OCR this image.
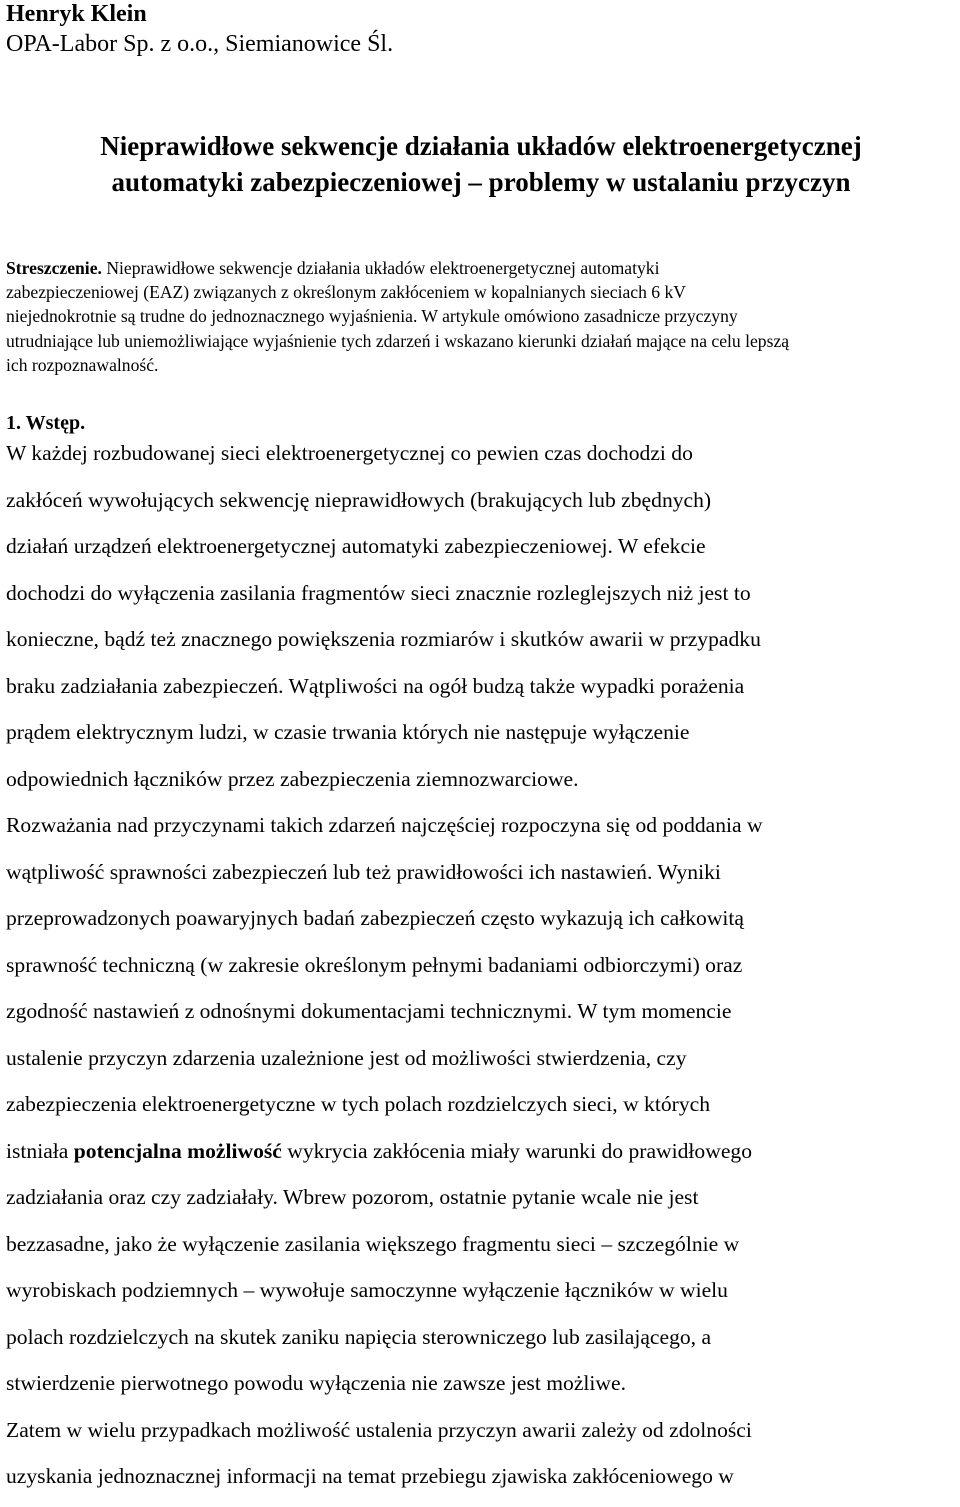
Henryk Klein
OPA-Labor Sp. z o.o., Siemianowice Śl.
Nieprawidłowe sekwencje działania układów elektroenergetycznej
automatyki zabezpieczeniowej – problemy w ustalaniu przyczyn
Streszczenie. Nieprawidłowe sekwencje działania układów elektroenergetycznej automatyki
zabezpieczeniowej (EAZ) związanych z określonym zakłóceniem w kopalnianych sieciach 6 kV
niejednokrotnie są trudne do jednoznacznego wyjaśnienia. W artykule omówiono zasadnicze przyczyny
utrudniające lub uniemożliwiające wyjaśnienie tych zdarzeń i wskazano kierunki działań mające na celu lepszą
ich rozpoznawalność.
1. Wstęp.
W każdej rozbudowanej sieci elektroenergetycznej co pewien czas dochodzi do
zakłóceń wywołujących sekwencję nieprawidłowych (brakujących lub zbędnych)
działań urządzeń elektroenergetycznej automatyki zabezpieczeniowej. W efekcie
dochodzi do wyłączenia zasilania fragmentów sieci znacznie rozleglejszych niż jest to
konieczne, bądź też znacznego powiększenia rozmiarów i skutków awarii w przypadku
braku zadziałania zabezpieczeń. Wątpliwości na ogół budzą także wypadki porażenia
prądem elektrycznym ludzi, w czasie trwania których nie następuje wyłączenie
odpowiednich łączników przez zabezpieczenia ziemnozwarciowe.
Rozważania nad przyczynami takich zdarzeń najczęściej rozpoczyna się od poddania w
wątpliwość sprawności zabezpieczeń lub też prawidłowości ich nastawień. Wyniki
przeprowadzonych poawaryjnych badań zabezpieczeń często wykazują ich całkowitą
sprawność techniczną (w zakresie określonym pełnymi badaniami odbiorczymi) oraz
zgodność nastawień z odnośnymi dokumentacjami technicznymi. W tym momencie
ustalenie przyczyn zdarzenia uzależnione jest od możliwości stwierdzenia, czy
zabezpieczenia elektroenergetyczne w tych polach rozdzielczych sieci, w których
istniała potencjalna możliwość wykrycia zakłócenia miały warunki do prawidłowego
zadziałania oraz czy zadziałały. Wbrew pozorom, ostatnie pytanie wcale nie jest
bezzasadne, jako że wyłączenie zasilania większego fragmentu sieci – szczególnie w
wyrobiskach podziemnych – wywołuje samoczynne wyłączenie łączników w wielu
polach rozdzielczych na skutek zaniku napięcia sterowniczego lub zasilającego, a
stwierdzenie pierwotnego powodu wyłączenia nie zawsze jest możliwe.
Zatem w wielu przypadkach możliwość ustalenia przyczyn awarii zależy od zdolności
uzyskania jednoznacznej informacji na temat przebiegu zjawiska zakłóceniowego w
